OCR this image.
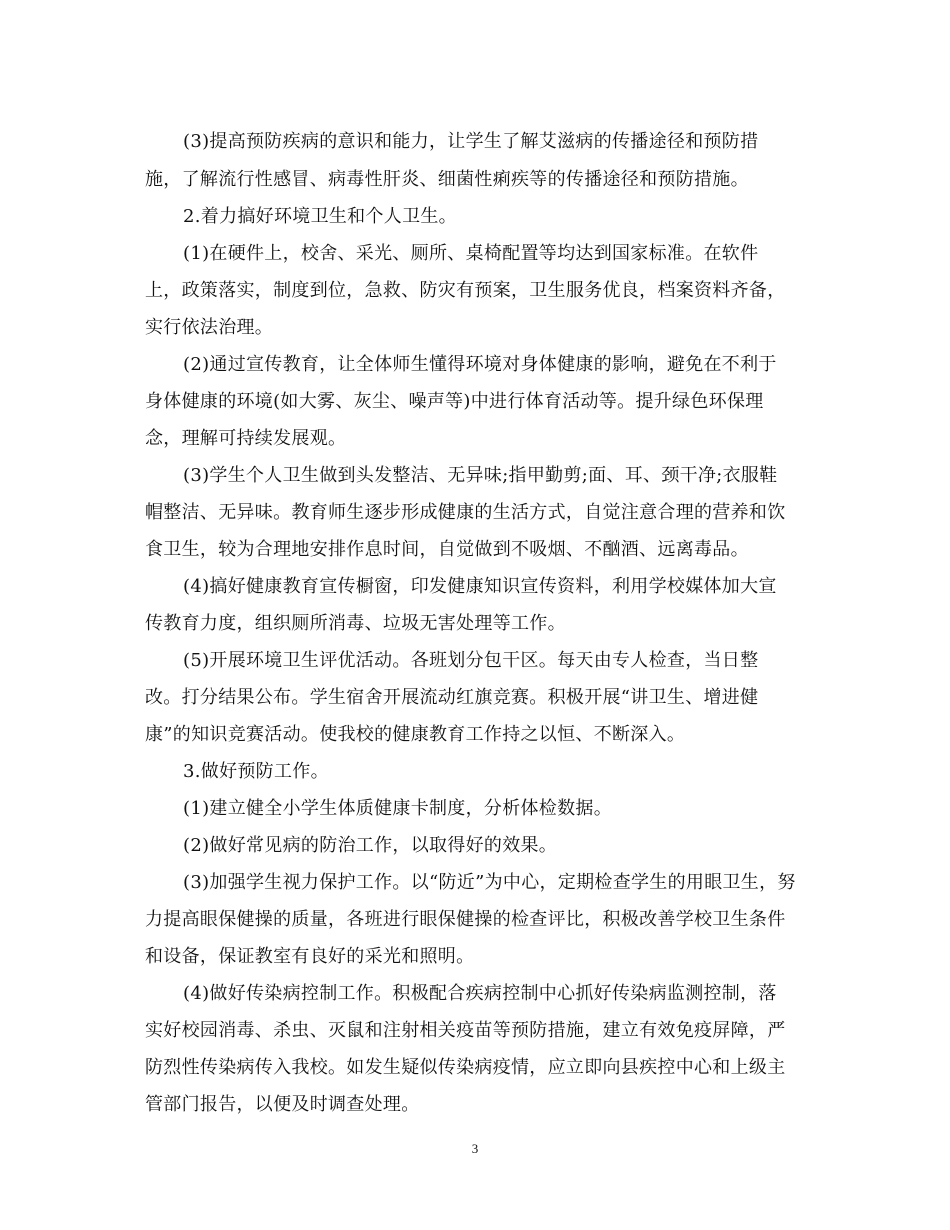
(3)提高预防疾病的意识和能力，让学生了解艾滋病的传播途径和预防措
施，了解流行性感冒、病毒性肝炎、细菌性痢疾等的传播途径和预防措施。
2.着力搞好环境卫生和个人卫生。
(1)在硬件上，校舍、采光、厕所、桌椅配置等均达到国家标准。在软件
上，政策落实，制度到位，急救、防灾有预案，卫生服务优良，档案资料齐备，
实行依法治理。
(2)通过宣传教育，让全体师生懂得环境对身体健康的影响，避免在不利于
身体健康的环境(如大雾、灰尘、噪声等)中进行体育活动等。提升绿色环保理
念，理解可持续发展观。
(3)学生个人卫生做到头发整洁、无异味;指甲勤剪;面、耳、颈干净;衣服鞋
帽整洁、无异味。教育师生逐步形成健康的生活方式，自觉注意合理的营养和饮
食卫生，较为合理地安排作息时间，自觉做到不吸烟、不酗酒、远离毒品。
(4)搞好健康教育宣传橱窗，印发健康知识宣传资料，利用学校媒体加大宣
传教育力度，组织厕所消毒、垃圾无害处理等工作。
(5)开展环境卫生评优活动。各班划分包干区。每天由专人检查，当日整
改。打分结果公布。学生宿舍开展流动红旗竞赛。积极开展“讲卫生、增进健
康”的知识竞赛活动。使我校的健康教育工作持之以恒、不断深入。
3.做好预防工作。
(1)建立健全小学生体质健康卡制度，分析体检数据。
(2)做好常见病的防治工作，以取得好的效果。
(3)加强学生视力保护工作。以“防近”为中心，定期检查学生的用眼卫生，努
力提高眼保健操的质量，各班进行眼保健操的检查评比，积极改善学校卫生条件
和设备，保证教室有良好的采光和照明。
(4)做好传染病控制工作。积极配合疾病控制中心抓好传染病监测控制，落
实好校园消毒、杀虫、灭鼠和注射相关疫苗等预防措施，建立有效免疫屏障，严
防烈性传染病传入我校。如发生疑似传染病疫情，应立即向县疾控中心和上级主
管部门报告，以便及时调查处理。
3
